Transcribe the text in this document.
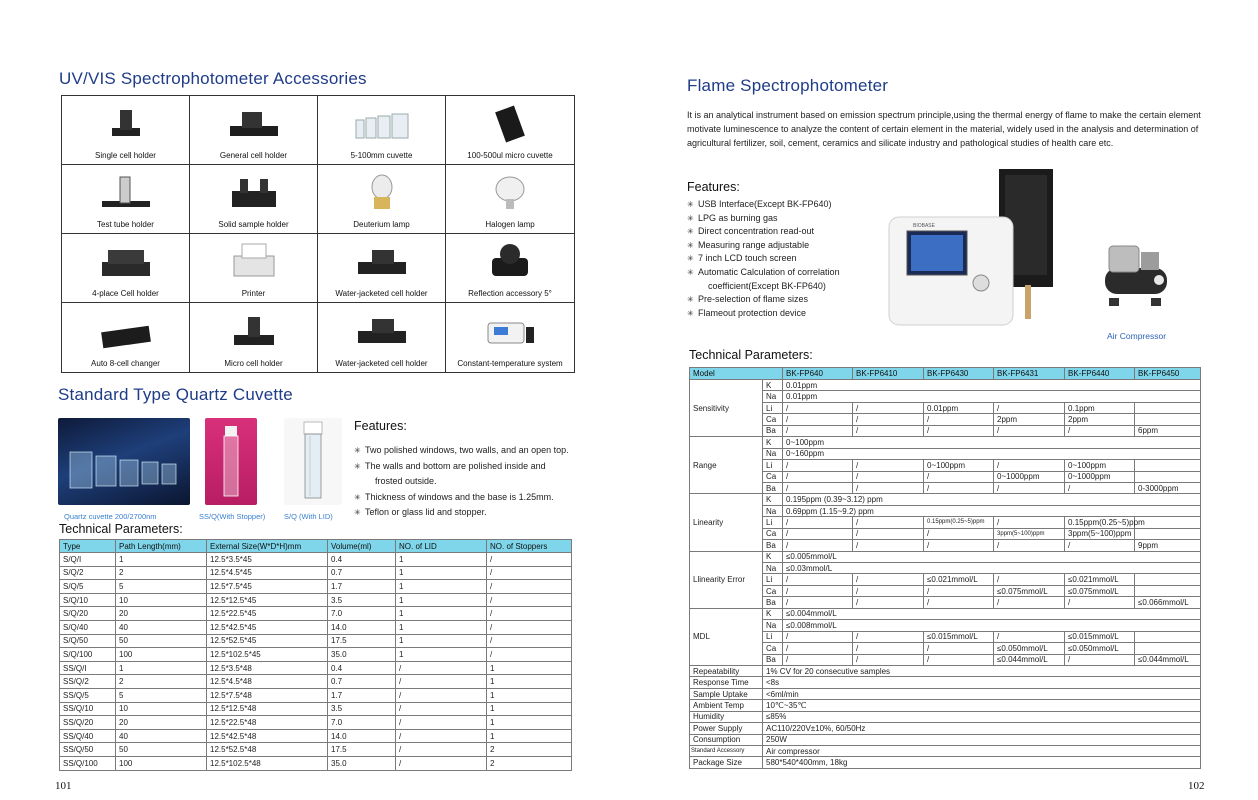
UV/VIS Spectrophotometer Accessories
Single cell holder	General cell holder	5-100mm cuvette	100-500ul micro cuvette
Test tube holder	Solid sample holder	Deuterium lamp	Halogen lamp
4-place Cell holder	Printer	Water-jacketed cell holder	Reflection accessory 5°
Auto 8-cell changer	Micro cell holder	Water-jacketed cell holder	Constant-temperature system
Standard Type Quartz Cuvette
Quartz cuvette 200/2700nm	SS/Q(With Stopper) S/Q (With LID)
Features:
✳ Two polished windows, two walls, and an open top.
✳ The walls and bottom are polished inside and
frosted outside.
✳ Thickness of windows and the base is 1.25mm.
✳ Teflon or glass lid and stopper.
Technical Parameters:
Type	Path Length(mm)	External Size(W*D*H)mm	Volume(ml)	NO. of LID	NO. of Stoppers
S/Q/I	1	12.5*3.5*45	0.4	1	/
S/Q/2	2	12.5*4.5*45	0.7	1	/
S/Q/5	5	12.5*7.5*45	1.7	1	/
S/Q/10	10	12.5*12.5*45	3.5	1	/
S/Q/20	20	12.5*22.5*45	7.0	1	/
S/Q/40	40	12.5*42.5*45	14.0	1	/
S/Q/50	50	12.5*52.5*45	17.5	1	/
S/Q/100	100	12.5*102.5*45	35.0	1	/
SS/Q/I	1	12.5*3.5*48	0.4	/	1
SS/Q/2	2	12.5*4.5*48	0.7	/	1
SS/Q/5	5	12.5*7.5*48	1.7	/	1
SS/Q/10	10	12.5*12.5*48	3.5	/	1
SS/Q/20	20	12.5*22.5*48	7.0	/	1
SS/Q/40	40	12.5*42.5*48	14.0	/	1
SS/Q/50	50	12.5*52.5*48	17.5	/	2
SS/Q/100	100	12.5*102.5*48	35.0	/	2
101
Flame Spectrophotometer

It is an analytical instrument based on emission spectrum principle,using the thermal energy of flame to make the certain element motivate luminescence to analyze the content of certain element in the material, widely used in the analysis and determination of agricultural fertilizer, soil, cement, ceramics and silicate industry and pathological studies of health care etc.

Features:
✳ USB Interface(Except BK-FP640)
✳ LPG as burning gas
✳ Direct concentration read-out
✳ Measuring range adjustable
✳ 7 inch LCD touch screen
✳ Automatic Calculation of correlation
coefficient(Except BK-FP640)
✳ Pre-selection of flame sizes
✳ Flameout protection device
BIOBASE
Air Compressor
Technical Parameters:
Model		BK-FP640	BK-FP6410	BK-FP6430	BK-FP6431	BK-FP6440	BK-FP6450
Sensitivity	K	0.01ppm					
	Na	0.01ppm					
	Li	/	/	0.01ppm	/	0.1ppm	
	Ca	/	/	/	2ppm	2ppm	
	Ba	/	/	/	/	/	6ppm
Range	K	0~100ppm					
	Na	0~160ppm					
	Li	/	/	0~100ppm	/	0~100ppm	
	Ca	/	/	/	0~1000ppm	0~1000ppm	
	Ba	/	/	/	/	/	0-3000ppm
Linearity	K	0.195ppm (0.39~3.12) ppm					
	Na	0.69ppm (1.15~9.2) ppm					
	Li	/	/	0.15ppm(0.25~5)ppm	/	0.15ppm(0.25~5)ppm	
	Ca	/	/	/	3ppm(5~100)ppm	3ppm(5~100)ppm	
	Ba	/	/	/	/	/	9ppm
Llinearity Error	K	≤0.005mmol/L					
	Na	≤0.03mmol/L					
	Li	/	/	≤0.021mmol/L	/	≤0.021mmol/L	
	Ca	/	/	/	≤0.075mmol/L	≤0.075mmol/L	
	Ba	/	/	/	/	/	≤0.066mmol/L
MDL	K	≤0.004mmol/L					
	Na	≤0.008mmol/L					
	Li	/	/	≤0.015mmol/L	/	≤0.015mmol/L	
	Ca	/	/	/	≤0.050mmol/L	≤0.050mmol/L	
	Ba	/	/	/	≤0.044mmol/L	/	≤0.044mmol/L
Repeatability	1% CV for 20 consecutive samples						
Response Time	<8s						
Sample Uptake	<6ml/min						
Ambient Temp	10℃~35℃						
Humidity	≤85%						
Power Supply	AC110/220V±10%, 60/50Hz						
Consumption	250W						
Standard Accessory	Air compressor						
Package Size	580*540*400mm, 18kg						
102
